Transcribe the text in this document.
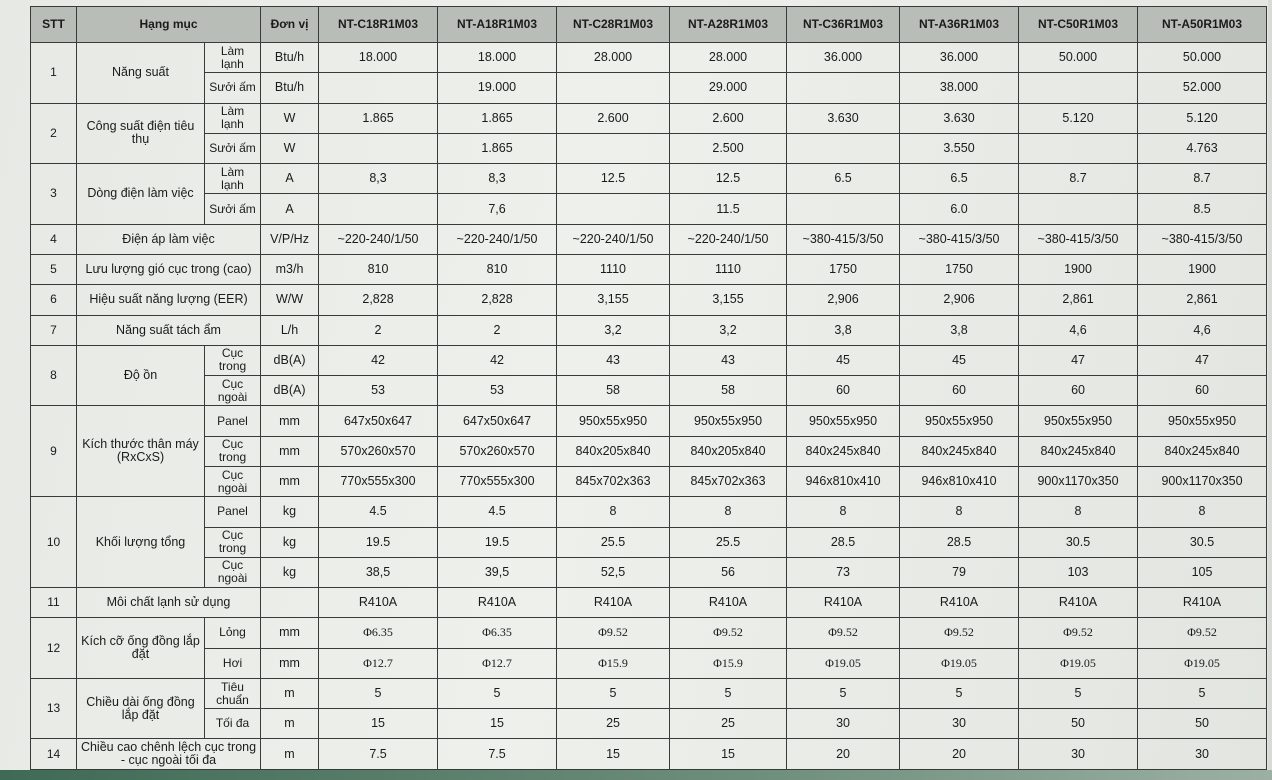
STT	Hạng mục		Đơn vị	NT-C18R1M03	NT-A18R1M03	NT-C28R1M03	NT-A28R1M03	NT-C36R1M03	NT-A36R1M03	NT-C50R1M03	NT-A50R1M03
1	Năng suất	Làm lạnh	Btu/h	18.000	18.000	28.000	28.000	36.000	36.000	50.000	50.000
		Sưởi ấm	Btu/h		19.000		29.000		38.000		52.000
2	Công suất điện tiêu thụ	Làm lạnh	W	1.865	1.865	2.600	2.600	3.630	3.630	5.120	5.120
		Sưởi ấm	W		1.865		2.500		3.550		4.763
3	Dòng điện làm việc	Làm lạnh	A	8,3	8,3	12.5	12.5	6.5	6.5	8.7	8.7
		Sưởi ấm	A		7,6		11.5		6.0		8.5
4	Điện áp làm việc		V/P/Hz	~220-240/1/50	~220-240/1/50	~220-240/1/50	~220-240/1/50	~380-415/3/50	~380-415/3/50	~380-415/3/50	~380-415/3/50
5	Lưu lượng gió cục trong (cao)		m3/h	810	810	1110	1110	1750	1750	1900	1900
6	Hiệu suất năng lượng (EER)		W/W	2,828	2,828	3,155	3,155	2,906	2,906	2,861	2,861
7	Năng suất tách ẩm		L/h	2	2	3,2	3,2	3,8	3,8	4,6	4,6
8	Độ ồn	Cục trong	dB(A)	42	42	43	43	45	45	47	47
		Cục ngoài	dB(A)	53	53	58	58	60	60	60	60
9	Kích thước thân máy (RxCxS)	Panel	mm	647x50x647	647x50x647	950x55x950	950x55x950	950x55x950	950x55x950	950x55x950	950x55x950
		Cục trong	mm	570x260x570	570x260x570	840x205x840	840x205x840	840x245x840	840x245x840	840x245x840	840x245x840
		Cục ngoài	mm	770x555x300	770x555x300	845x702x363	845x702x363	946x810x410	946x810x410	900x1170x350	900x1170x350
10	Khối lượng tổng	Panel	kg	4.5	4.5	8	8	8	8	8	8
		Cục trong	kg	19.5	19.5	25.5	25.5	28.5	28.5	30.5	30.5
		Cục ngoài	kg	38,5	39,5	52,5	56	73	79	103	105
11	Môi chất lạnh sử dụng			R410A	R410A	R410A	R410A	R410A	R410A	R410A	R410A
12	Kích cỡ ống đồng lắp đặt	Lỏng	mm	Φ6.35	Φ6.35	Φ9.52	Φ9.52	Φ9.52	Φ9.52	Φ9.52	Φ9.52
		Hơi	mm	Φ12.7	Φ12.7	Φ15.9	Φ15.9	Φ19.05	Φ19.05	Φ19.05	Φ19.05
13	Chiều dài ống đồng lắp đặt	Tiêu chuẩn	m	5	5	5	5	5	5	5	5
		Tối đa	m	15	15	25	25	30	30	50	50
14	Chiều cao chênh lệch cục trong - cục ngoài tối đa		m	7.5	7.5	15	15	20	20	30	30
